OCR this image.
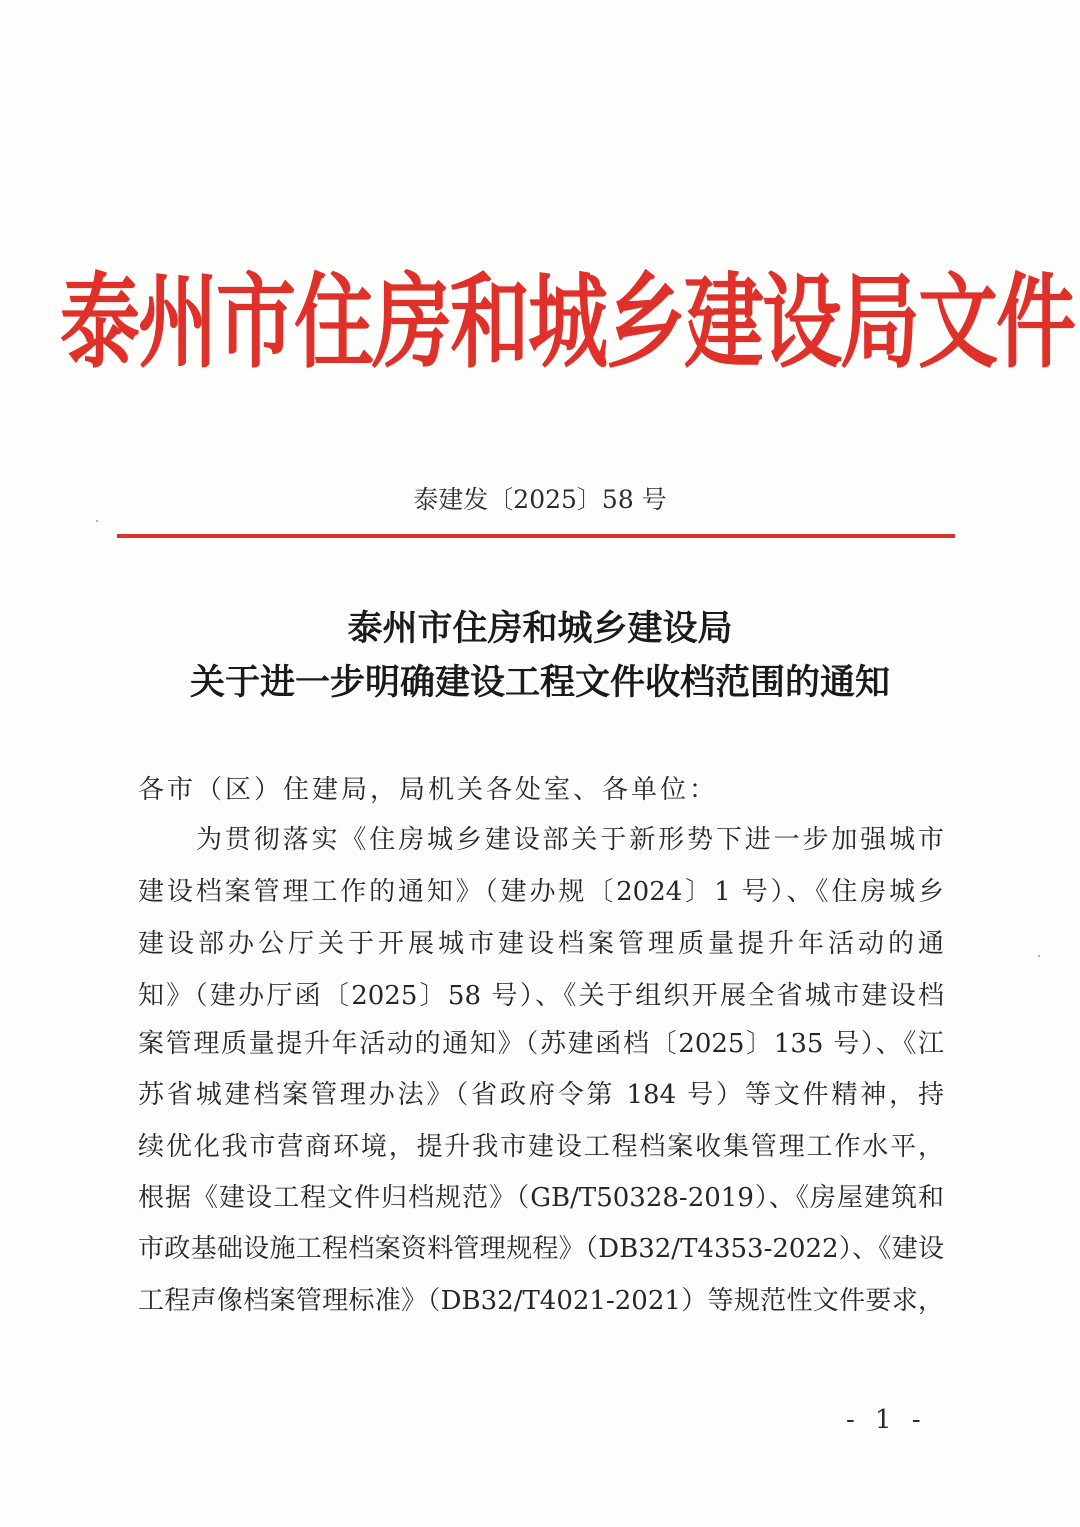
泰州市住房和城乡建设局文件
泰建发〔2025〕58 号
泰州市住房和城乡建设局
关于进一步明确建设工程文件收档范围的通知
各市（区）住建局，局机关各处室、各单位：
为贯彻落实《住房城乡建设部关于新形势下进一步加强城市
建设档案管理工作的通知》（建办规〔2024〕1 号）、《住房城乡
建设部办公厅关于开展城市建设档案管理质量提升年活动的通
知》（建办厅函〔2025〕58 号）、《关于组织开展全省城市建设档
案管理质量提升年活动的通知》（苏建函档〔2025〕135 号）、《江
苏省城建档案管理办法》（省政府令第 184 号）等文件精神，持
续优化我市营商环境，提升我市建设工程档案收集管理工作水平，
根据《建设工程文件归档规范》（GB/T50328-2019）、《房屋建筑和
市政基础设施工程档案资料管理规程》（DB32/T4353-2022）、《建设
工程声像档案管理标准》（DB32/T4021-2021）等规范性文件要求，
- 1 -
